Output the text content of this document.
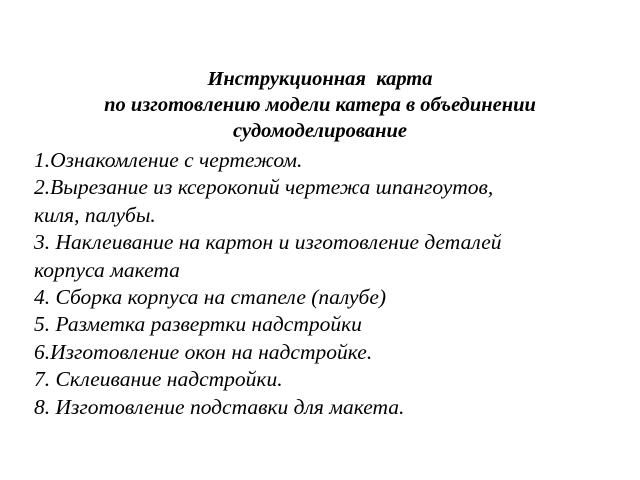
Инструкционная  карта
по изготовлению модели катера в объединении
судомоделирование
1.Ознакомление с чертежом.
2.Вырезание из ксерокопий чертежа шпангоутов,
киля, палубы.
3. Наклеивание на картон и изготовление деталей
корпуса макета
4. Сборка корпуса на стапеле (палубе)
5. Разметка развертки надстройки
6.Изготовление окон на надстройке.
7. Склеивание надстройки.
8. Изготовление подставки для макета.
